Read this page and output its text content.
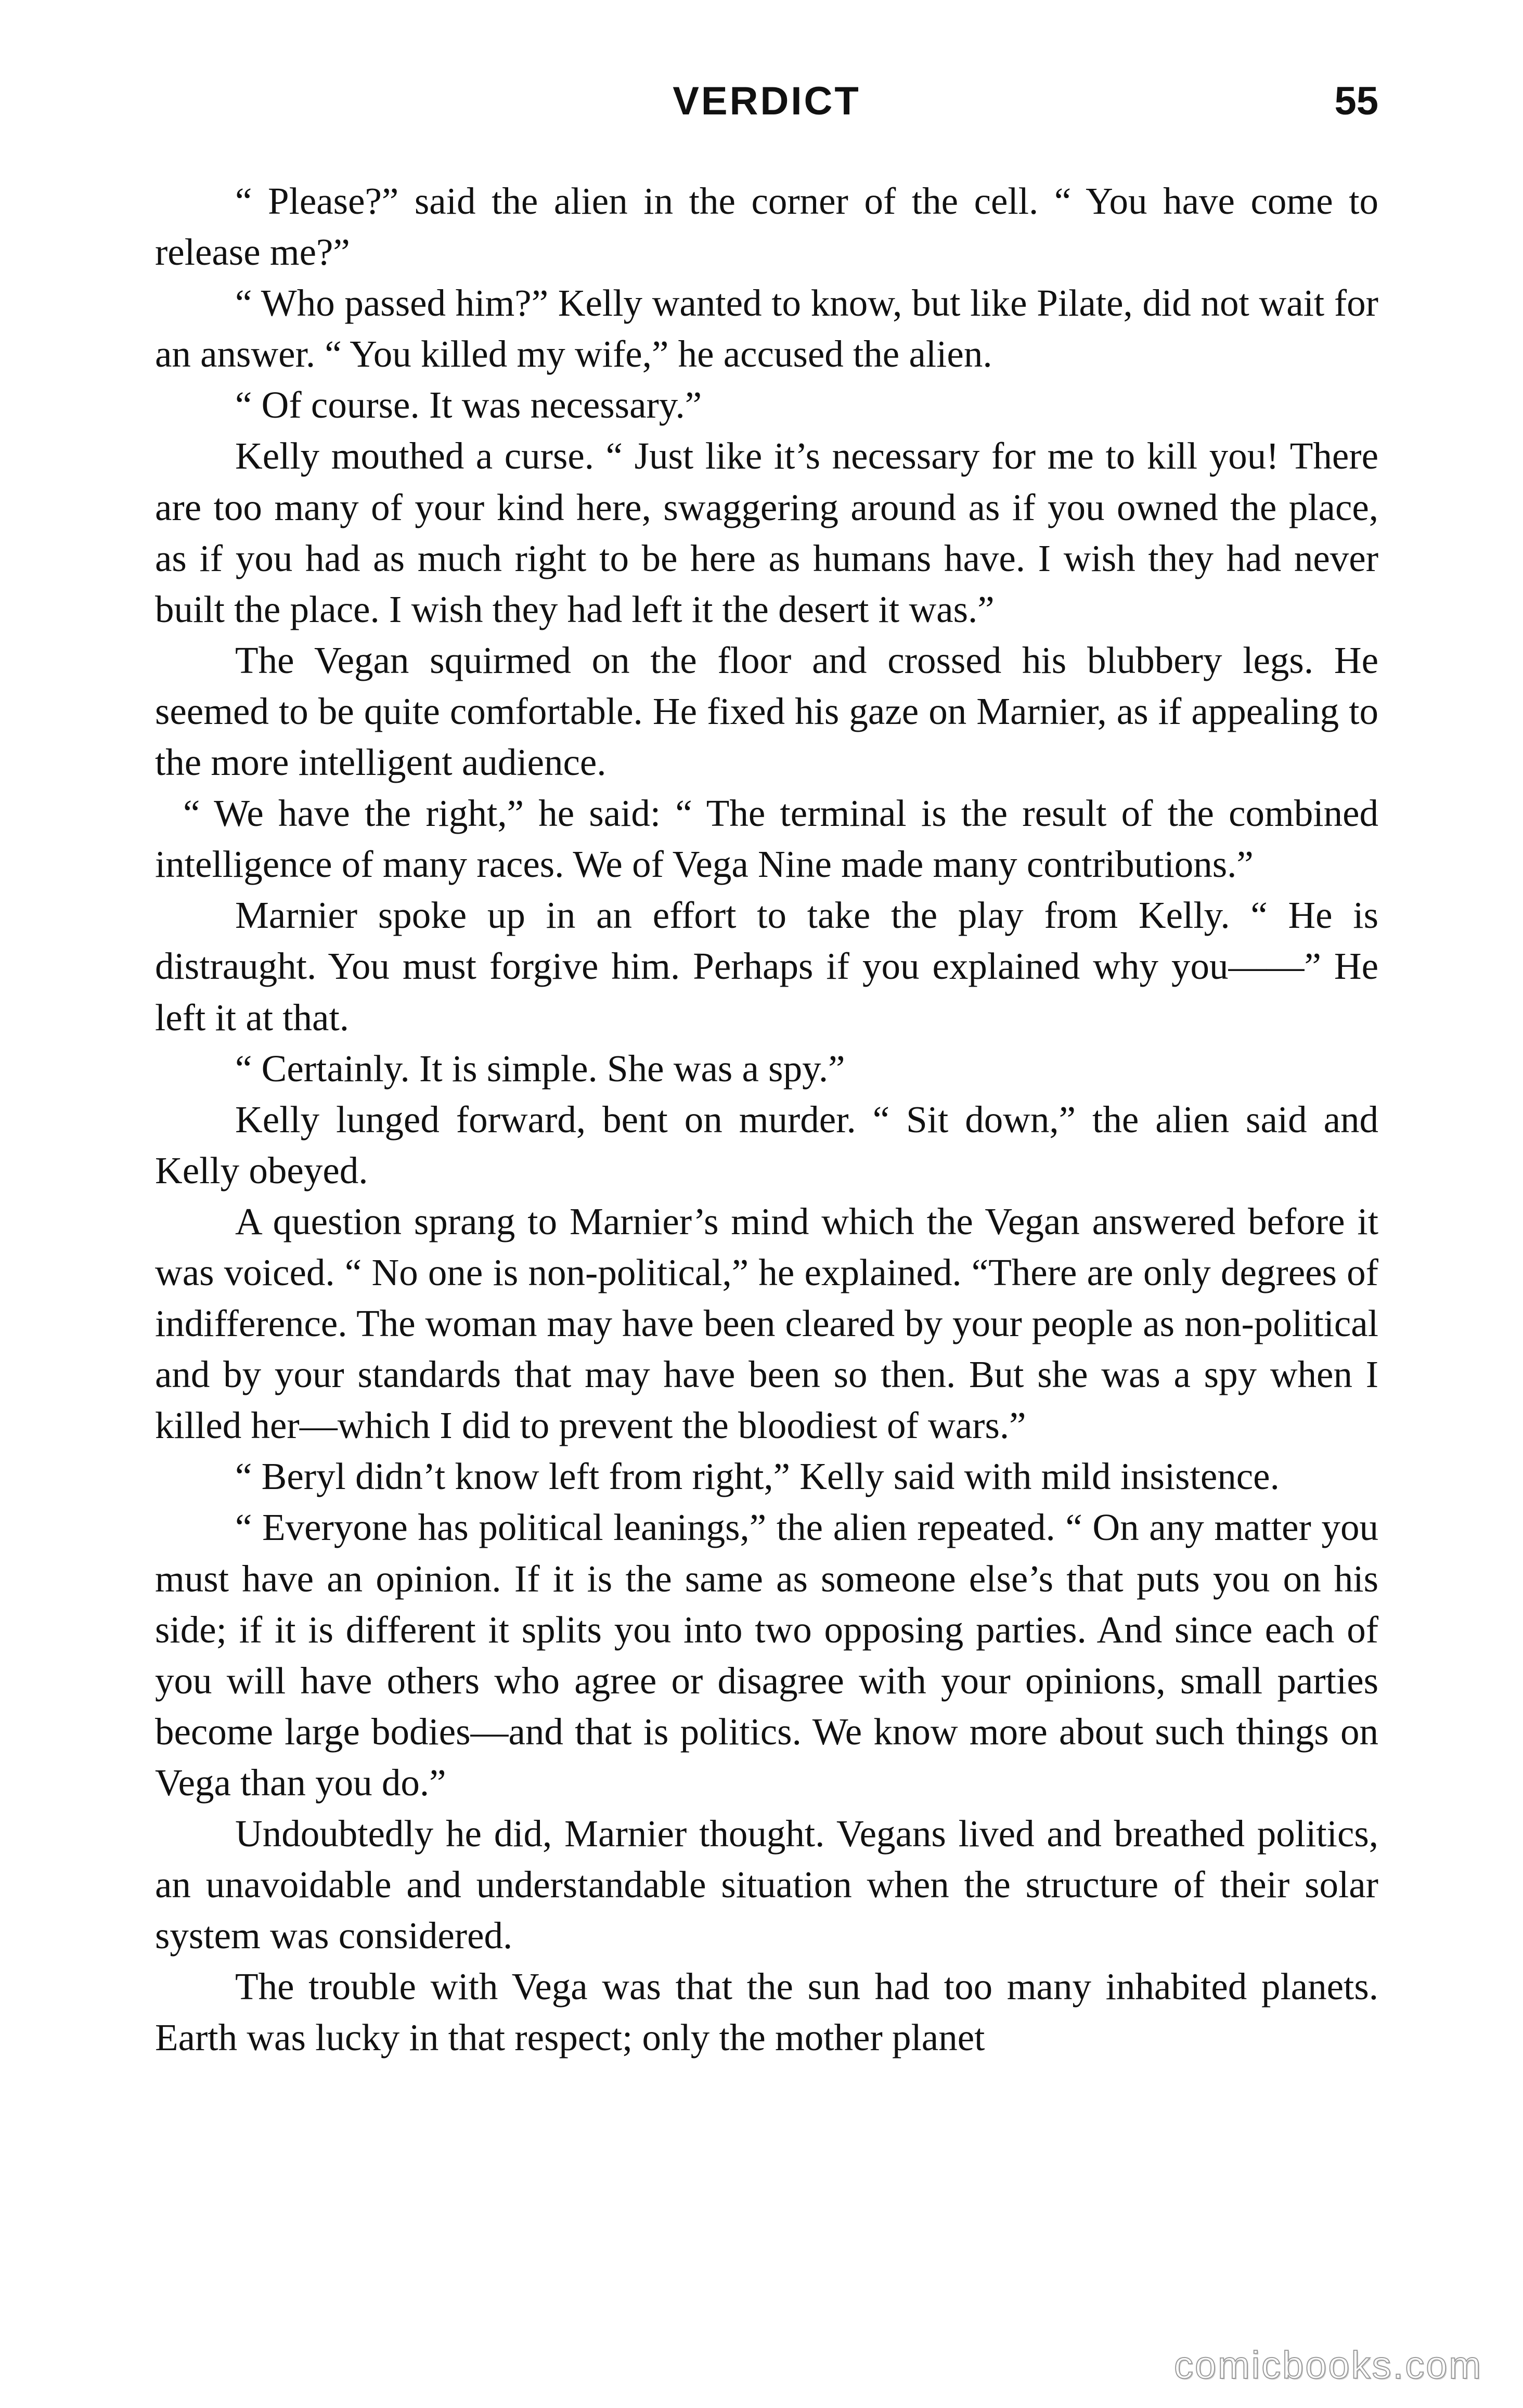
VERDICT	55

“ Please?” said the alien in the corner of the cell. “ You have come to release me?”

“ Who passed him?” Kelly wanted to know, but like Pilate, did not wait for an answer. “ You killed my wife,” he accused the alien.

“ Of course. It was necessary.”

Kelly mouthed a curse. “ Just like it’s necessary for me to kill you! There are too many of your kind here, swaggering around as if you owned the place, as if you had as much right to be here as humans have. I wish they had never built the place. I wish they had left it the desert it was.”

The Vegan squirmed on the floor and crossed his blubbery legs. He seemed to be quite comfortable. He fixed his gaze on Marnier, as if appealing to the more intelligent audience.

“ We have the right,” he said: “ The terminal is the result of the combined intelligence of many races. We of Vega Nine made many contributions.”

Marnier spoke up in an effort to take the play from Kelly. “ He is distraught. You must forgive him. Perhaps if you explained why you——” He left it at that.

“ Certainly. It is simple. She was a spy.”

Kelly lunged forward, bent on murder. “ Sit down,” the alien said and Kelly obeyed.

A question sprang to Marnier’s mind which the Vegan answered before it was voiced. “ No one is non-political,” he explained. “There are only degrees of indifference. The woman may have been cleared by your people as non-political and by your standards that may have been so then. But she was a spy when I killed her—which I did to prevent the bloodiest of wars.”

“ Beryl didn’t know left from right,” Kelly said with mild insistence.

“ Everyone has political leanings,” the alien repeated. “ On any matter you must have an opinion. If it is the same as someone else’s that puts you on his side; if it is different it splits you into two opposing parties. And since each of you will have others who agree or disagree with your opinions, small parties become large bodies—and that is politics. We know more about such things on Vega than you do.”

Undoubtedly he did, Marnier thought. Vegans lived and breathed politics, an unavoidable and understandable situation when the structure of their solar system was considered.

The trouble with Vega was that the sun had too many inhabited planets. Earth was lucky in that respect; only the mother planet

comicbooks.com
